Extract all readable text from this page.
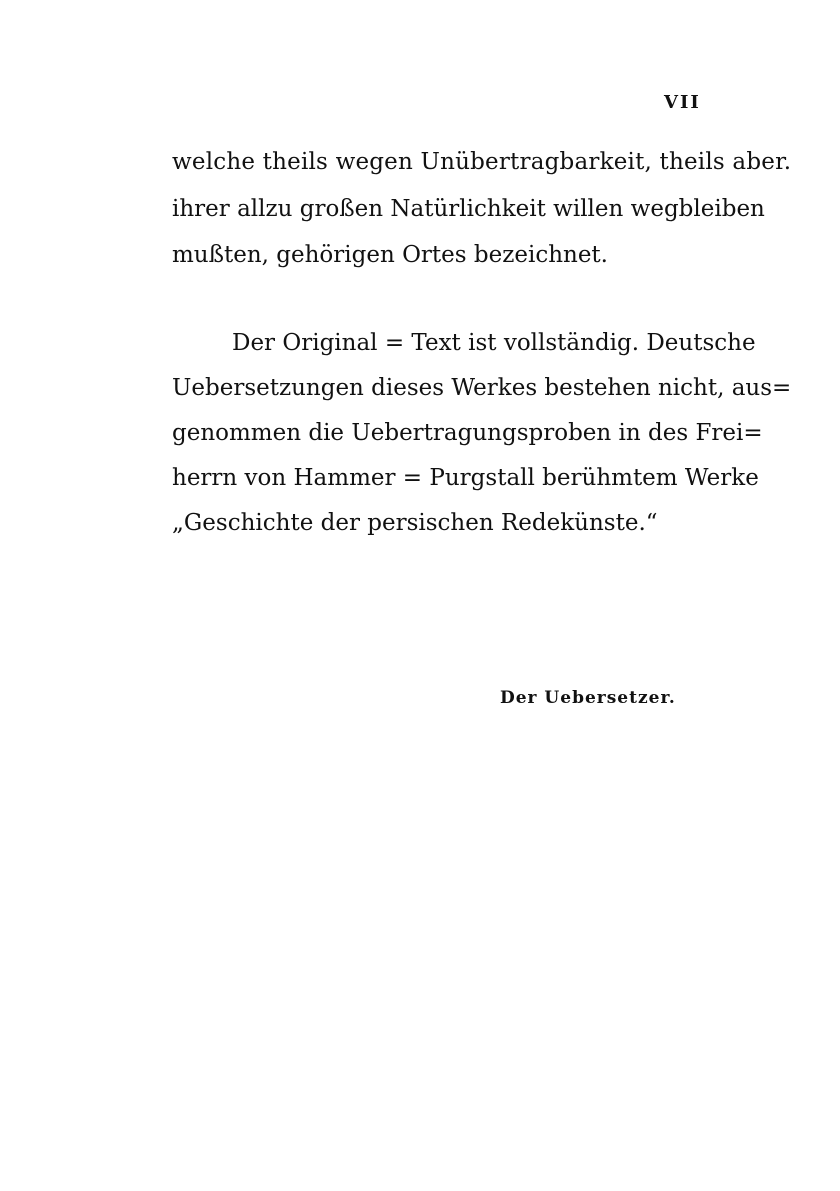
VII
welche theils wegen Unübertragbarkeit, theils aber.
ihrer allzu großen Natürlichkeit willen wegbleiben
mußten, gehörigen Ortes bezeichnet.
Der Original = Text ist vollständig. Deutsche
Uebersetzungen dieses Werkes bestehen nicht, aus=
genommen die Uebertragungsproben in des Frei=
herrn von Hammer = Purgstall berühmtem Werke
„Geschichte der persischen Redekünste.“
Der Uebersetzer.
